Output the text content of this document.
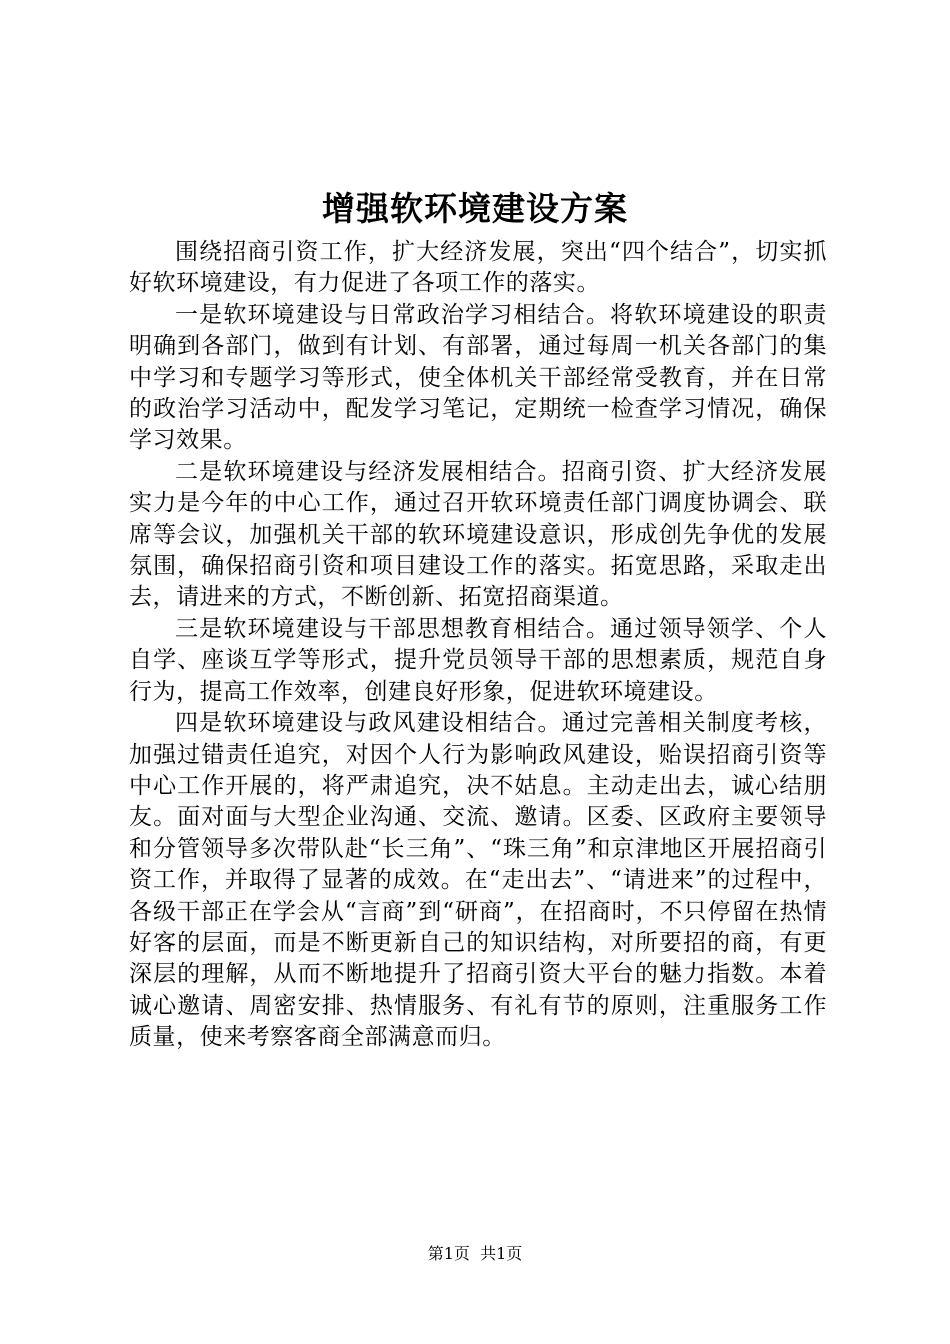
增强软环境建设方案

围绕招商引资工作，扩大经济发展，突出“四个结合”，切实抓好软环境建设，有力促进了各项工作的落实。

一是软环境建设与日常政治学习相结合。将软环境建设的职责明确到各部门，做到有计划、有部署，通过每周一机关各部门的集中学习和专题学习等形式，使全体机关干部经常受教育，并在日常的政治学习活动中，配发学习笔记，定期统一检查学习情况，确保学习效果。

二是软环境建设与经济发展相结合。招商引资、扩大经济发展实力是今年的中心工作，通过召开软环境责任部门调度协调会、联席等会议，加强机关干部的软环境建设意识，形成创先争优的发展氛围，确保招商引资和项目建设工作的落实。拓宽思路，采取走出去，请进来的方式，不断创新、拓宽招商渠道。

三是软环境建设与干部思想教育相结合。通过领导领学、个人自学、座谈互学等形式，提升党员领导干部的思想素质，规范自身行为，提高工作效率，创建良好形象，促进软环境建设。

四是软环境建设与政风建设相结合。通过完善相关制度考核，加强过错责任追究，对因个人行为影响政风建设，贻误招商引资等中心工作开展的，将严肃追究，决不姑息。主动走出去，诚心结朋友。面对面与大型企业沟通、交流、邀请。区委、区政府主要领导和分管领导多次带队赴“长三角”、“珠三角”和京津地区开展招商引资工作，并取得了显著的成效。在“走出去”、“请进来”的过程中，各级干部正在学会从“言商”到“研商”，在招商时，不只停留在热情好客的层面，而是不断更新自己的知识结构，对所要招的商，有更深层的理解，从而不断地提升了招商引资大平台的魅力指数。本着诚心邀请、周密安排、热情服务、有礼有节的原则，注重服务工作质量，使来考察客商全部满意而归。

第1页  共1页
